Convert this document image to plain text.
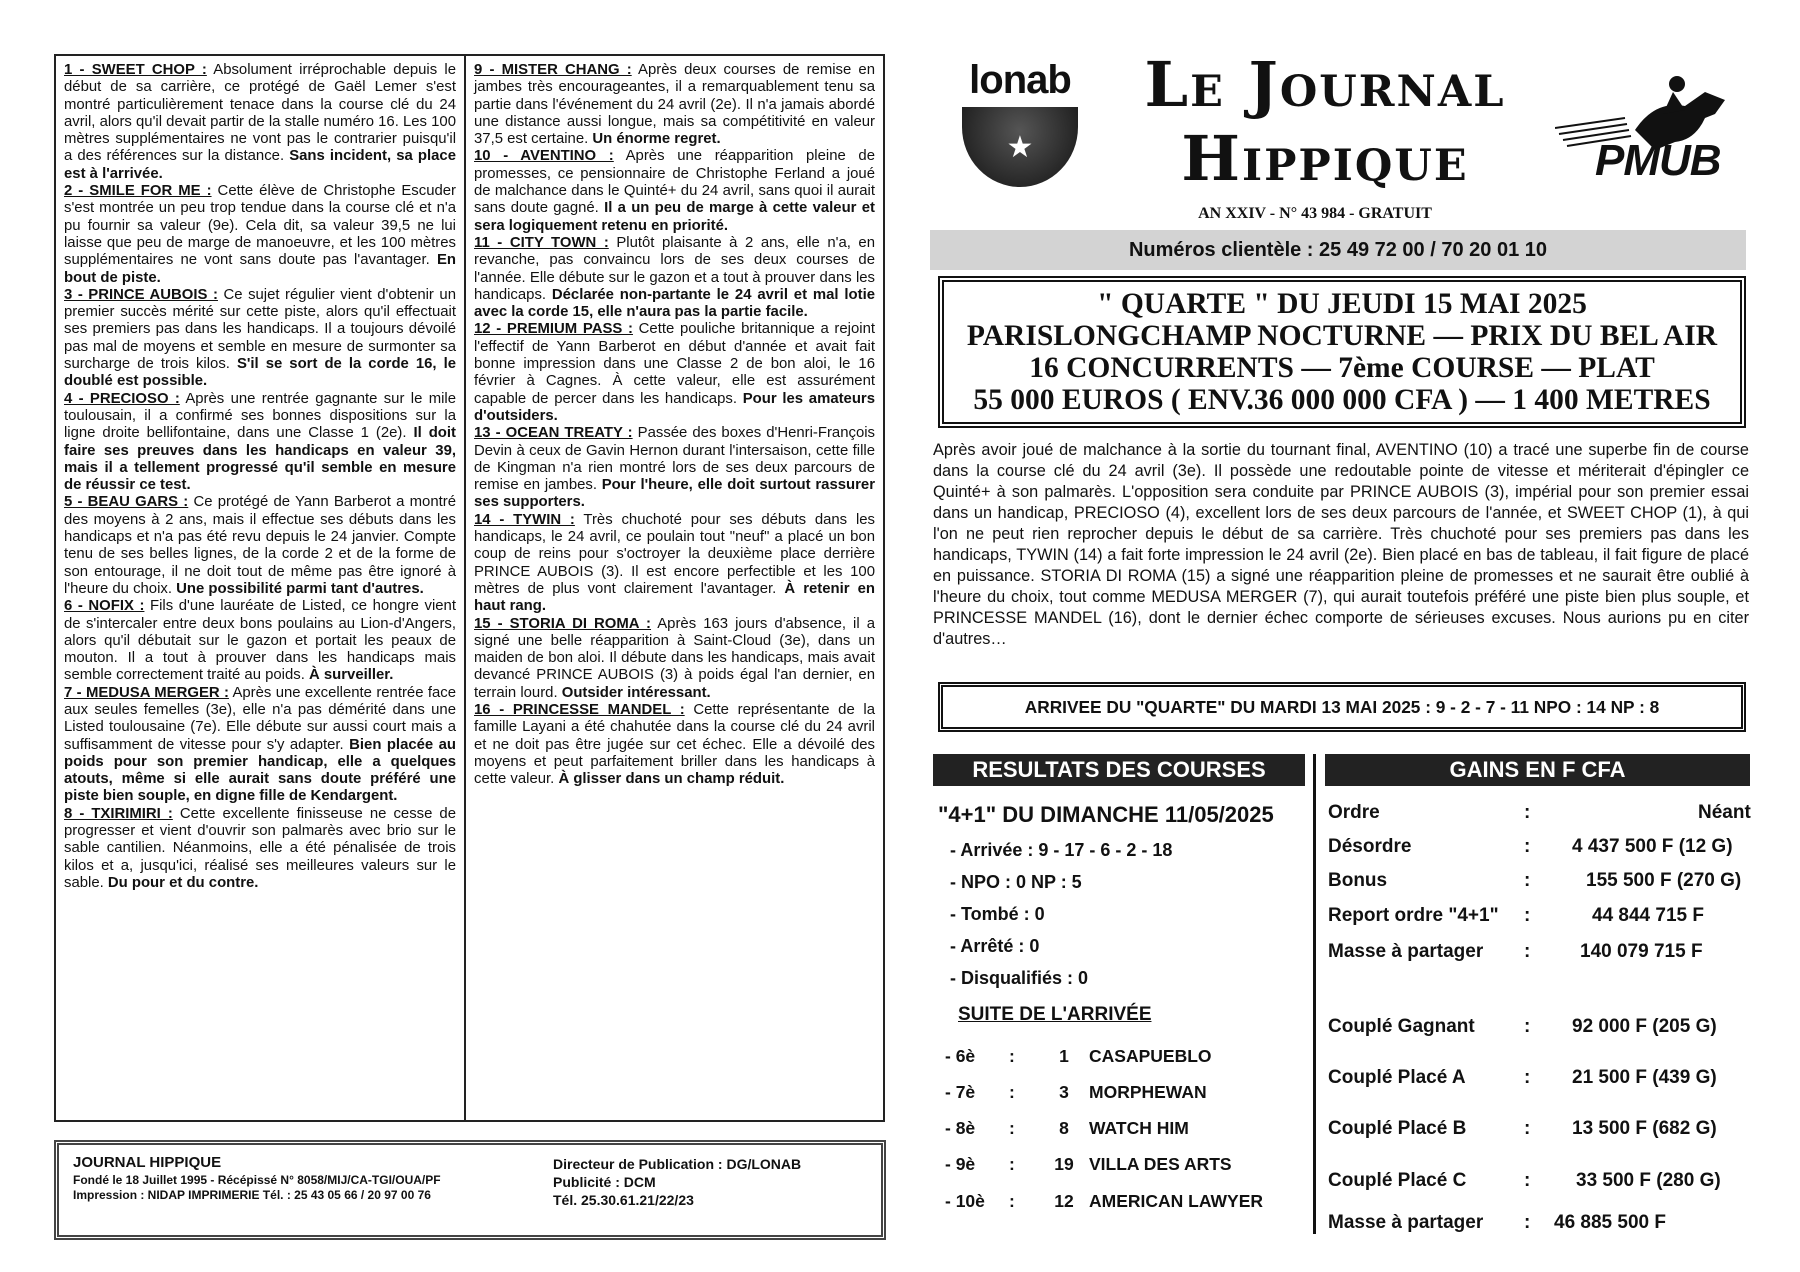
1 - SWEET CHOP : Absolument irréprochable depuis le début de sa carrière, ce protégé de Gaël Lemer s'est montré particulièrement tenace dans la course clé du 24 avril, alors qu'il devait partir de la stalle numéro 16. Les 100 mètres supplémentaires ne vont pas le contrarier puisqu'il a des références sur la distance. Sans incident, sa place est à l'arrivée.

2 - SMILE FOR ME : Cette élève de Christophe Escuder s'est montrée un peu trop tendue dans la course clé et n'a pu fournir sa valeur (9e). Cela dit, sa valeur 39,5 ne lui laisse que peu de marge de manoeuvre, et les 100 mètres supplémentaires ne vont sans doute pas l'avantager. En bout de piste.

3 - PRINCE AUBOIS : Ce sujet régulier vient d'obtenir un premier succès mérité sur cette piste, alors qu'il effectuait ses premiers pas dans les handicaps. Il a toujours dévoilé pas mal de moyens et semble en mesure de surmonter sa surcharge de trois kilos. S'il se sort de la corde 16, le doublé est possible.

4 - PRECIOSO : Après une rentrée gagnante sur le mile toulousain, il a confirmé ses bonnes dispositions sur la ligne droite bellifontaine, dans une Classe 1 (2e). Il doit faire ses preuves dans les handicaps en valeur 39, mais il a tellement progressé qu'il semble en mesure de réussir ce test.

5 - BEAU GARS : Ce protégé de Yann Barberot a montré des moyens à 2 ans, mais il effectue ses débuts dans les handicaps et n'a pas été revu depuis le 24 janvier. Compte tenu de ses belles lignes, de la corde 2 et de la forme de son entourage, il ne doit tout de même pas être ignoré à l'heure du choix. Une possibilité parmi tant d'autres.

6 - NOFIX : Fils d'une lauréate de Listed, ce hongre vient de s'intercaler entre deux bons poulains au Lion-d'Angers, alors qu'il débutait sur le gazon et portait les peaux de mouton. Il a tout à prouver dans les handicaps mais semble correctement traité au poids. À surveiller.

7 - MEDUSA MERGER : Après une excellente rentrée face aux seules femelles (3e), elle n'a pas démérité dans une Listed toulousaine (7e). Elle débute sur aussi court mais a suffisamment de vitesse pour s'y adapter. Bien placée au poids pour son premier handicap, elle a quelques atouts, même si elle aurait sans doute préféré une piste bien souple, en digne fille de Kendargent.

8 - TXIRIMIRI : Cette excellente finisseuse ne cesse de progresser et vient d'ouvrir son palmarès avec brio sur le sable cantilien. Néanmoins, elle a été pénalisée de trois kilos et a, jusqu'ici, réalisé ses meilleures valeurs sur le sable. Du pour et du contre.

9 - MISTER CHANG : Après deux courses de remise en jambes très encourageantes, il a remarquablement tenu sa partie dans l'événement du 24 avril (2e). Il n'a jamais abordé une distance aussi longue, mais sa compétitivité en valeur 37,5 est certaine. Un énorme regret.

10 - AVENTINO : Après une réapparition pleine de promesses, ce pensionnaire de Christophe Ferland a joué de malchance dans le Quinté+ du 24 avril, sans quoi il aurait sans doute gagné. Il a un peu de marge à cette valeur et sera logiquement retenu en priorité.

11 - CITY TOWN : Plutôt plaisante à 2 ans, elle n'a, en revanche, pas convaincu lors de ses deux courses de l'année. Elle débute sur le gazon et a tout à prouver dans les handicaps. Déclarée non-partante le 24 avril et mal lotie avec la corde 15, elle n'aura pas la partie facile.

12 - PREMIUM PASS : Cette pouliche britannique a rejoint l'effectif de Yann Barberot en début d'année et avait fait bonne impression dans une Classe 2 de bon aloi, le 16 février à Cagnes. À cette valeur, elle est assurément capable de percer dans les handicaps. Pour les amateurs d'outsiders.

13 - OCEAN TREATY : Passée des boxes d'Henri-François Devin à ceux de Gavin Hernon durant l'intersaison, cette fille de Kingman n'a rien montré lors de ses deux parcours de remise en jambes. Pour l'heure, elle doit surtout rassurer ses supporters.

14 - TYWIN : Très chuchoté pour ses débuts dans les handicaps, le 24 avril, ce poulain tout "neuf" a placé un bon coup de reins pour s'octroyer la deuxième place derrière PRINCE AUBOIS (3). Il est encore perfectible et les 100 mètres de plus vont clairement l'avantager. À retenir en haut rang.

15 - STORIA DI ROMA : Après 163 jours d'absence, il a signé une belle réapparition à Saint-Cloud (3e), dans un maiden de bon aloi. Il débute dans les handicaps, mais avait devancé PRINCE AUBOIS (3) à poids égal l'an dernier, en terrain lourd. Outsider intéressant.

16 - PRINCESSE MANDEL : Cette représentante de la famille Layani a été chahutée dans la course clé du 24 avril et ne doit pas être jugée sur cet échec. Elle a dévoilé des moyens et peut parfaitement briller dans les handicaps à cette valeur. À glisser dans un champ réduit.

JOURNAL HIPPIQUE
Fondé le 18 Juillet 1995 - Récépissé N° 8058/MIJ/CA-TGI/OUA/PF
Impression : NIDAP IMPRIMERIE Tél. : 25 43 05 66 / 20 97 00 76
Directeur de Publication : DG/LONAB
Publicité : DCM
Tél. 25.30.61.21/22/23
lonab
★
Le Journal
Hippique
AN XXIV - N° 43 984 - GRATUIT
PMUB
Numéros clientèle : 25 49 72 00 / 70 20 01 10
" QUARTE " DU JEUDI 15 MAI 2025
PARISLONGCHAMP NOCTURNE — PRIX DU BEL AIR
16 CONCURRENTS — 7ème COURSE — PLAT
55 000 EUROS ( ENV.36 000 000 CFA ) — 1 400 METRES
Après avoir joué de malchance à la sortie du tournant final, AVENTINO (10) a tracé une superbe fin de course dans la course clé du 24 avril (3e). Il possède une redoutable pointe de vitesse et mériterait d'épingler ce Quinté+ à son palmarès. L'opposition sera conduite par PRINCE AUBOIS (3), impérial pour son premier essai dans un handicap, PRECIOSO (4), excellent lors de ses deux parcours de l'année, et SWEET CHOP (1), à qui l'on ne peut rien reprocher depuis le début de sa carrière. Très chuchoté pour ses premiers pas dans les handicaps, TYWIN (14) a fait forte impression le 24 avril (2e). Bien placé en bas de tableau, il fait figure de placé en puissance. STORIA DI ROMA (15) a signé une réapparition pleine de promesses et ne saurait être oublié à l'heure du choix, tout comme MEDUSA MERGER (7), qui aurait toutefois préféré une piste bien plus souple, et PRINCESSE MANDEL (16), dont le dernier échec comporte de sérieuses excuses. Nous aurions pu en citer d'autres…
ARRIVEE DU "QUARTE" DU MARDI 13 MAI 2025 : 9 - 2 - 7 - 11 NPO : 14 NP : 8
RESULTATS DES COURSES	GAINS EN F CFA
"4+1" DU DIMANCHE 11/05/2025
- Arrivée : 9 - 17 - 6 - 2 - 18
- NPO : 0 NP : 5
- Tombé : 0
- Arrêté : 0
- Disqualifiés : 0
SUITE DE L'ARRIVÉE
- 6è	:	1	CASAPUEBLO
- 7è	:	3	MORPHEWAN
- 8è	:	8	WATCH HIM
- 9è	:	19 VILLA DES ARTS
- 10è	:	12 AMERICAN LAWYER
Ordre	:	Néant
Désordre	: 4 437 500 F (12 G)
Bonus	:	155 500 F (270 G)
Report ordre "4+1" :	44 844 715 F
Masse à partager :	140 079 715 F
Couplé Gagnant	: 92 000 F (205 G)
Couplé Placé A	: 21 500 F (439 G)
Couplé Placé B	: 13 500 F (682 G)
Couplé Placé C	: 33 500 F (280 G)
Masse à partager : 46 885 500 F
